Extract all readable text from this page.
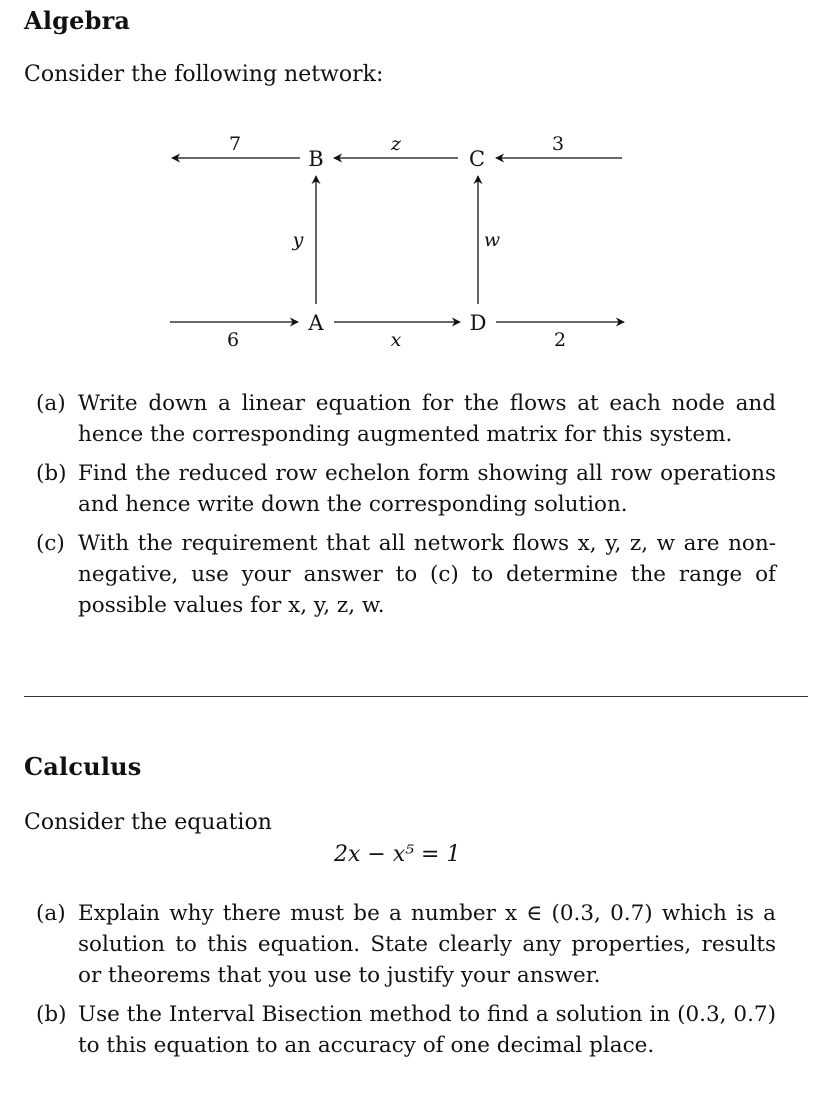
Algebra
Consider the following network:
B	C
A	D
7	z	3
y	w
6	x	2
(a) Write down a linear equation for the flows at each node and hence the corresponding augmented matrix for this system.
(b) Find the reduced row echelon form showing all row operations and hence write down the corresponding solution.
(c) With the requirement that all network flows x, y, z, w are non-negative, use your answer to (c) to determine the range of possible values for x, y, z, w.
Calculus
Consider the equation
2x − x⁵ = 1
(a) Explain why there must be a number x ∈ (0.3, 0.7) which is a solution to this equation. State clearly any properties, results or theorems that you use to justify your answer.
(b) Use the Interval Bisection method to find a solution in (0.3, 0.7) to this equation to an accuracy of one decimal place.
